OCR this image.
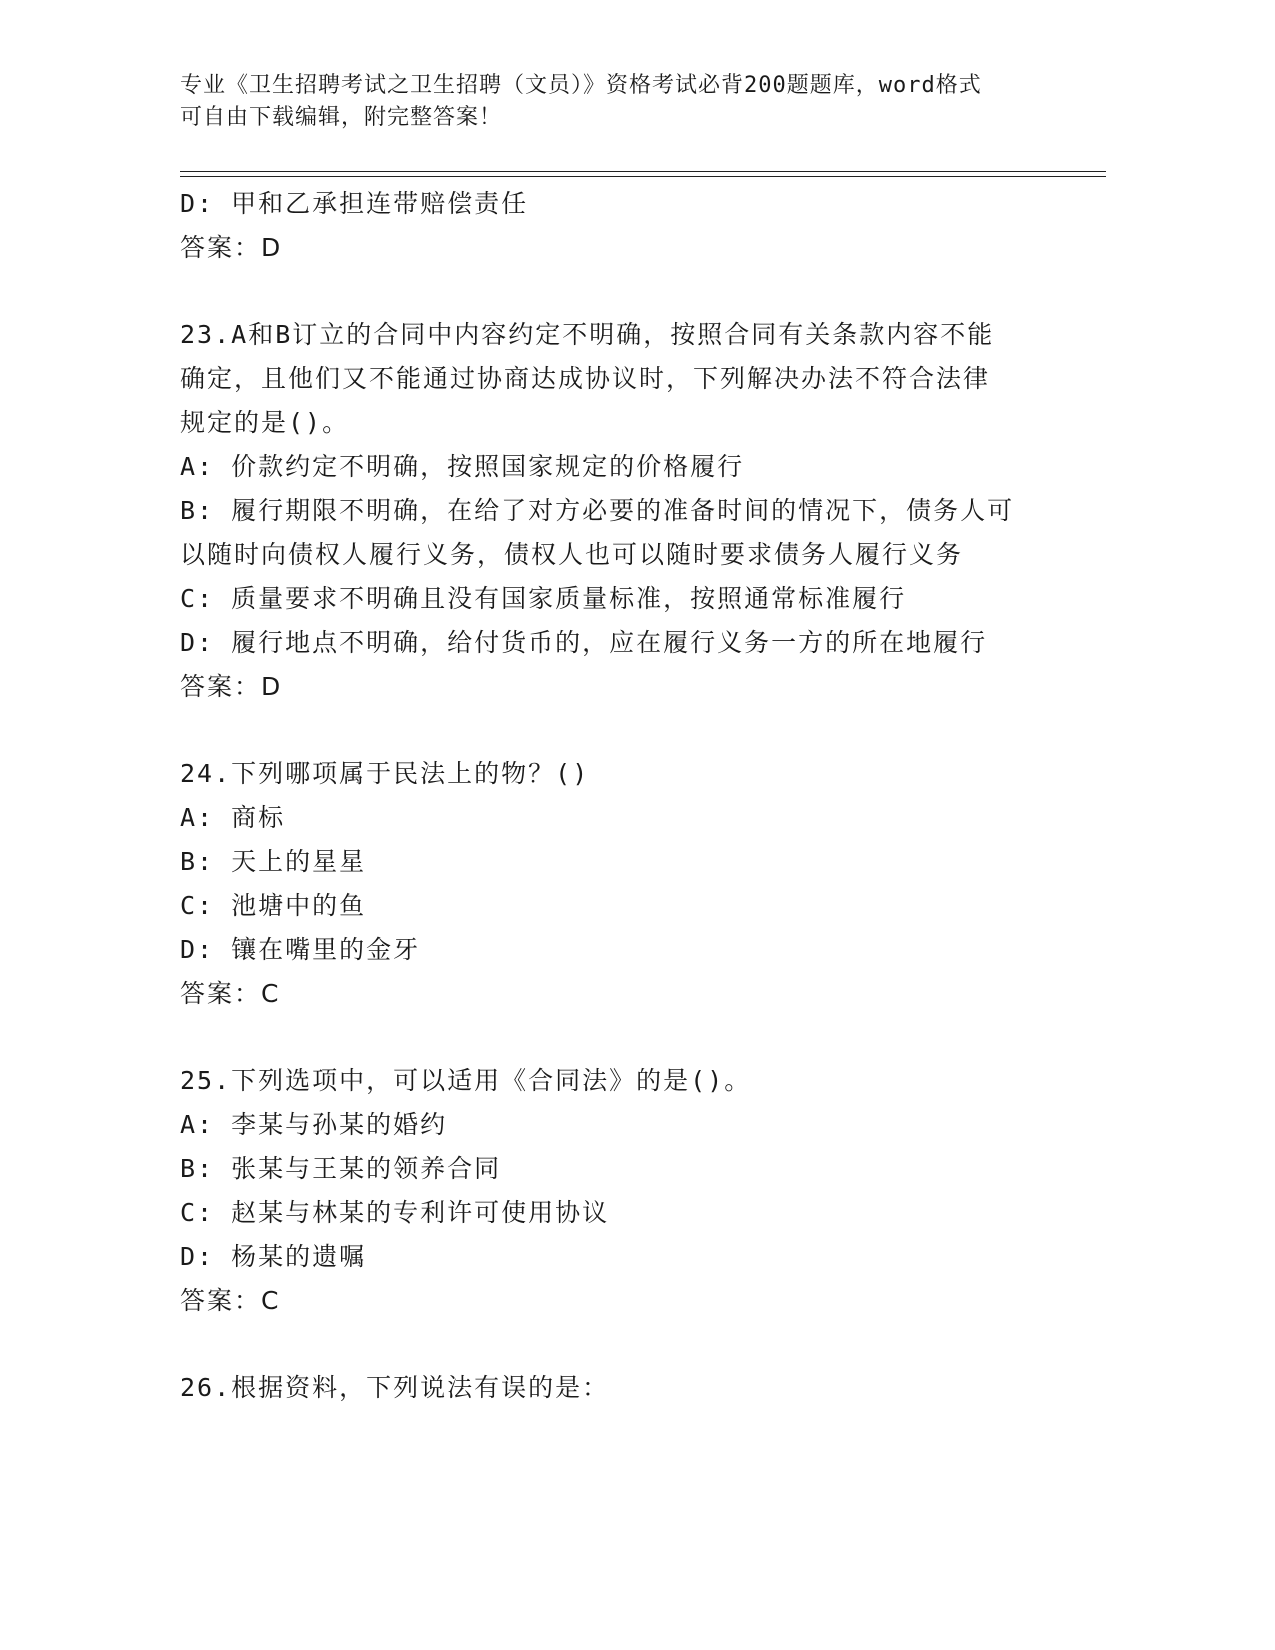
专业《卫生招聘考试之卫生招聘（文员）》资格考试必背200题题库，word格式
可自由下载编辑，附完整答案！
D: 甲和乙承担连带赔偿责任
答案：D
23.A和B订立的合同中内容约定不明确，按照合同有关条款内容不能
确定，且他们又不能通过协商达成协议时，下列解决办法不符合法律
规定的是()。
A: 价款约定不明确，按照国家规定的价格履行
B: 履行期限不明确，在给了对方必要的准备时间的情况下，债务人可
以随时向债权人履行义务，债权人也可以随时要求债务人履行义务
C: 质量要求不明确且没有国家质量标准，按照通常标准履行
D: 履行地点不明确，给付货币的，应在履行义务一方的所在地履行
答案：D
24.下列哪项属于民法上的物？()
A: 商标
B: 天上的星星
C: 池塘中的鱼
D: 镶在嘴里的金牙
答案：C
25.下列选项中，可以适用《合同法》的是()。
A: 李某与孙某的婚约
B: 张某与王某的领养合同
C: 赵某与林某的专利许可使用协议
D: 杨某的遗嘱
答案：C
26.根据资料，下列说法有误的是：
